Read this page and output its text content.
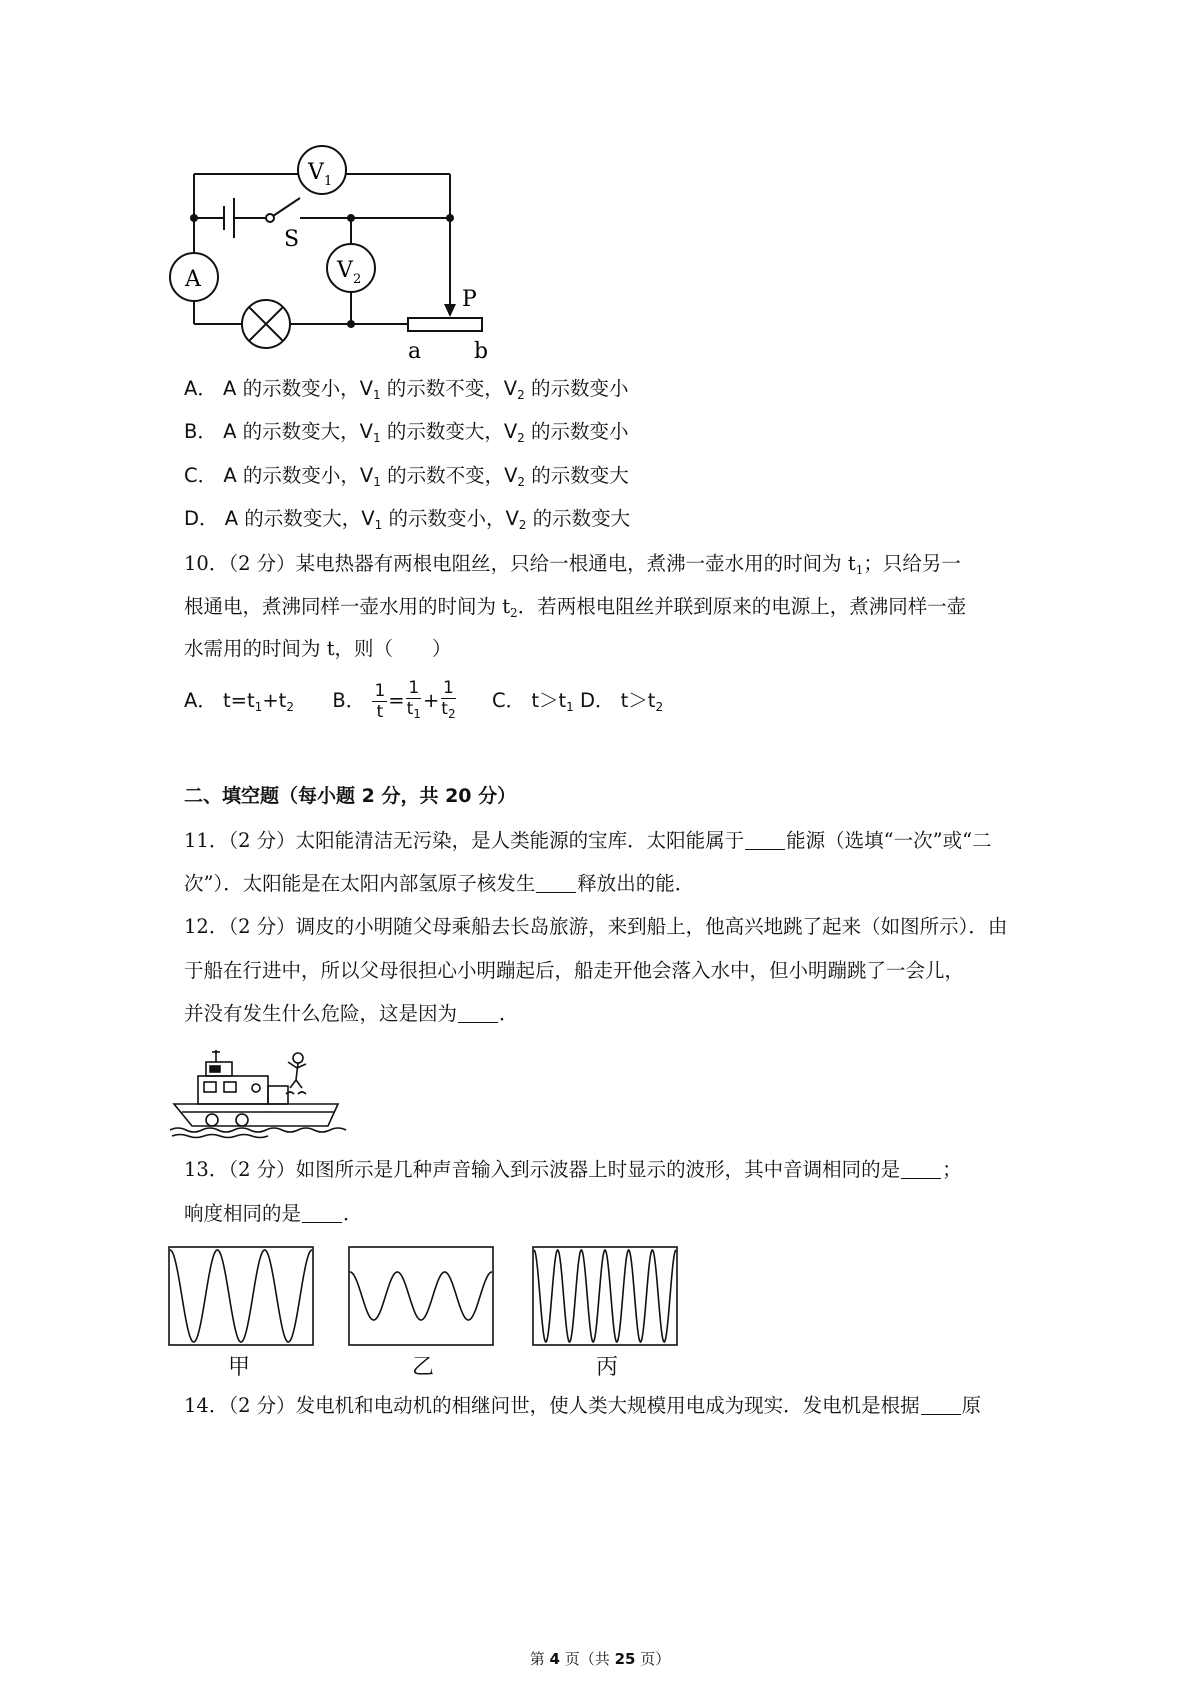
V 1
V 2
A
S
P
a b
A． A 的示数变小，$V_1$ 的示数不变，$V_2$ 的示数变小
B． A 的示数变大，$V_1$ 的示数变大，$V_2$ 的示数变小
C． A 的示数变小，$V_1$ 的示数不变，$V_2$ 的示数变大
D． A 的示数变大，$V_1$ 的示数变小，$V_2$ 的示数变大
10．（2 分）某电热器有两根电阻丝，只给一根通电，煮沸一壶水用的时间为 $t_1$；只给另一
根通电，煮沸同样一壶水用的时间为 $t_2$．若两根电阻丝并联到原来的电源上，煮沸同样一壶
水需用的时间为 t，则（　　）
A． $t=t_1+t_2$ B． $\frac{1}{t} = \frac{1}{t_1} + \frac{1}{t_2}$ C． $t>t_1$ D． $t>t_2$
二、填空题（每小题 2 分，共 20 分）
11．（2 分）太阳能清洁无污染，是人类能源的宝库．太阳能属于 能源（选填“一次”或“二
次”）．太阳能是在太阳内部氢原子核发生 释放出的能．
12．（2 分）调皮的小明随父母乘船去长岛旅游，来到船上，他高兴地跳了起来（如图所示）．由
于船在行进中，所以父母很担心小明蹦起后，船走开他会落入水中，但小明蹦跳了一会儿，
并没有发生什么危险，这是因为 ．
13．（2 分）如图所示是几种声音输入到示波器上时显示的波形，其中音调相同的是 ；
响度相同的是 ．
甲	乙	丙
14．（2 分）发电机和电动机的相继问世，使人类大规模用电成为现实．发电机是根据 原
第 4 页（共 25 页）
